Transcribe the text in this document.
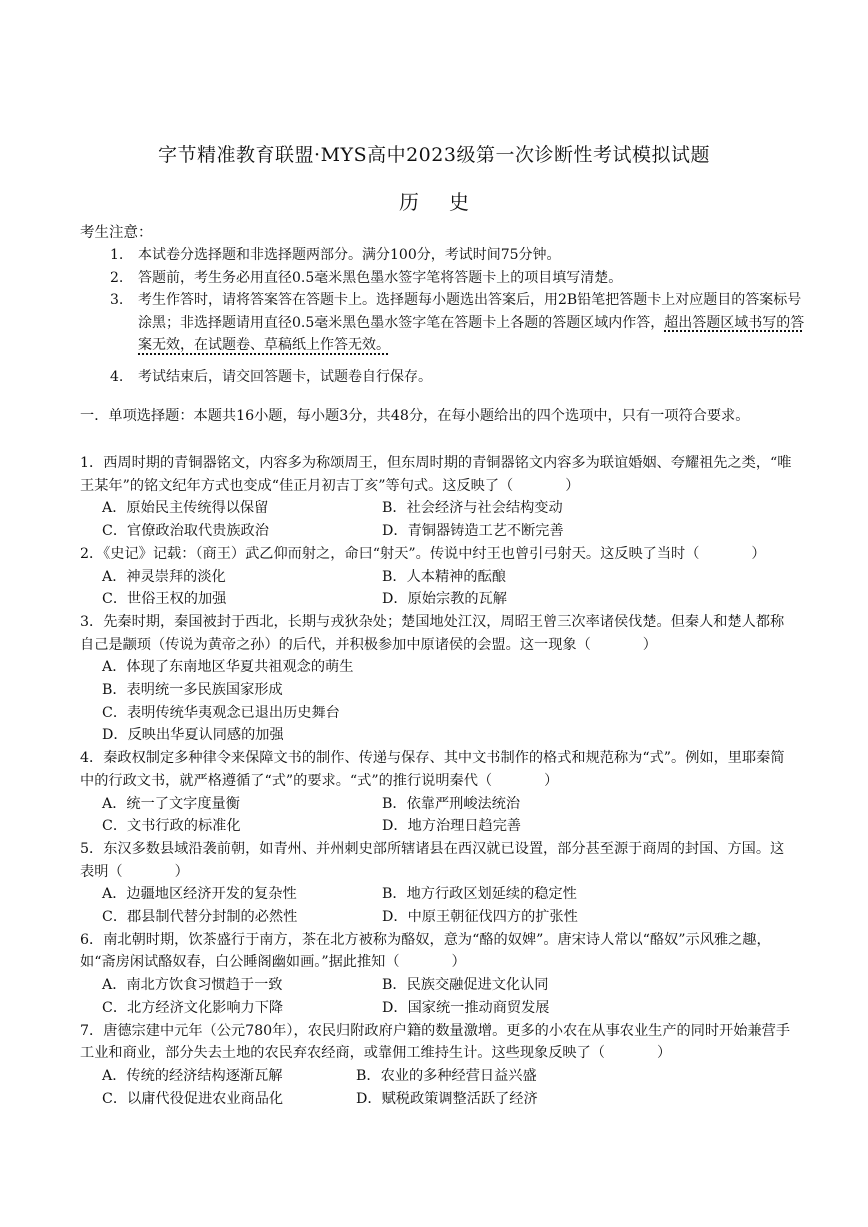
字节精准教育联盟·MYS高中2023级第一次诊断性考试模拟试题
历史
考生注意：
1.	本试卷分选择题和非选择题两部分。满分100分，考试时间75分钟。
2.	答题前，考生务必用直径0.5毫米黑色墨水签字笔将答题卡上的项目填写清楚。
3.	考生作答时，请将答案答在答题卡上。选择题每小题选出答案后，用2B铅笔把答题卡上对应题目的答案标号涂黑；非选择题请用直径0.5毫米黑色墨水签字笔在答题卡上各题的答题区域内作答，超出答题区域书写的答案无效，在试题卷、草稿纸上作答无效。
4.	考试结束后，请交回答题卡，试题卷自行保存。
一．单项选择题：本题共16小题，每小题3分，共48分，在每小题给出的四个选项中，只有一项符合要求。

1．西周时期的青铜器铭文，内容多为称颂周王，但东周时期的青铜器铭文内容多为联谊婚姻、夸耀祖先之类，“唯王某年”的铭文纪年方式也变成“佳正月初吉丁亥”等句式。这反映了（	）

A．原始民主传统得以保留	B．社会经济与社会结构变动
C．官僚政治取代贵族政治	D．青铜器铸造工艺不断完善

2．《史记》记载：（商王）武乙仰而射之，命曰“射天”。传说中纣王也曾引弓射天。这反映了当时（	）

A．神灵崇拜的淡化	B．人本精神的酝酿
C．世俗王权的加强	D．原始宗教的瓦解

3．先秦时期，秦国被封于西北，长期与戎狄杂处；楚国地处江汉，周昭王曾三次率诸侯伐楚。但秦人和楚人都称自己是颛顼（传说为黄帝之孙）的后代，并积极参加中原诸侯的会盟。这一现象（	）

A．体现了东南地区华夏共祖观念的萌生
B．表明统一多民族国家形成
C．表明传统华夷观念已退出历史舞台
D．反映出华夏认同感的加强

4．秦政权制定多种律令来保障文书的制作、传递与保存、其中文书制作的格式和规范称为“式”。例如，里耶秦简中的行政文书，就严格遵循了“式”的要求。“式”的推行说明秦代（	）

A．统一了文字度量衡	B．依靠严刑峻法统治
C．文书行政的标准化	D．地方治理日趋完善

5．东汉多数县域沿袭前朝，如青州、并州刺史部所辖诸县在西汉就已设置，部分甚至源于商周的封国、方国。这表明（	）

A．边疆地区经济开发的复杂性	B．地方行政区划延续的稳定性
C．郡县制代替分封制的必然性	D．中原王朝征伐四方的扩张性

6．南北朝时期，饮茶盛行于南方，茶在北方被称为酪奴，意为“酪的奴婢”。唐宋诗人常以“酪奴”示风雅之趣，如“斋房闲试酪奴春，白公睡阁幽如画。”据此推知（	）

A．南北方饮食习惯趋于一致	B．民族交融促进文化认同
C．北方经济文化影响力下降	D．国家统一推动商贸发展

7．唐德宗建中元年（公元780年），农民归附政府户籍的数量激增。更多的小农在从事农业生产的同时开始兼营手工业和商业，部分失去土地的农民弃农经商，或靠佣工维持生计。这些现象反映了（	）

A．传统的经济结构逐渐瓦解	B．农业的多种经营日益兴盛
C．以庸代役促进农业商品化	D．赋税政策调整活跃了经济
